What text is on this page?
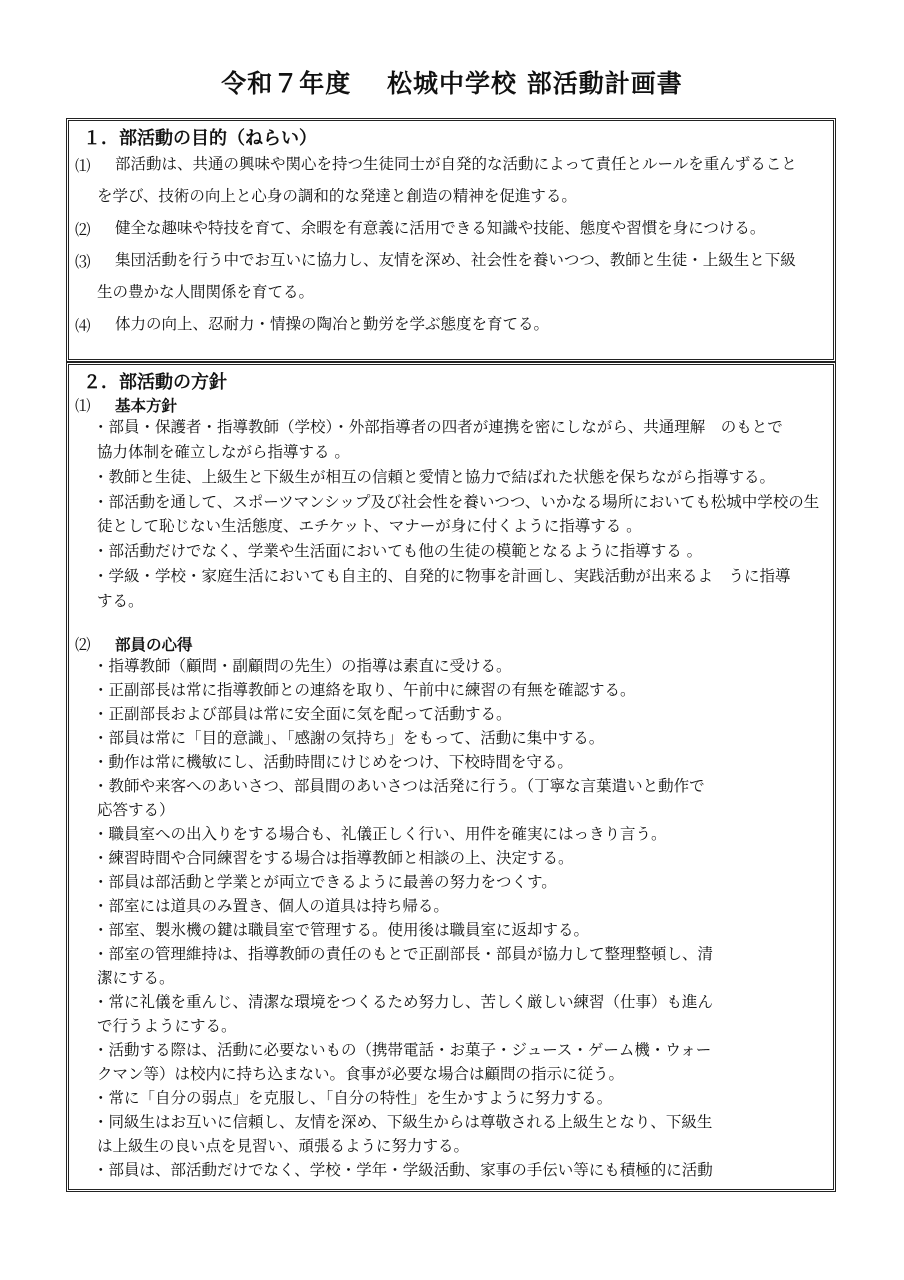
令和７年度　 松城中学校 部活動計画書
１．部活動の目的（ねらい）
⑴ 部活動は、共通の興味や関心を持つ生徒同士が自発的な活動によって責任とルールを重んずること
を学び、技術の向上と心身の調和的な発達と創造の精神を促進する。
⑵ 健全な趣味や特技を育て、余暇を有意義に活用できる知識や技能、態度や習慣を身につける。
⑶ 集団活動を行う中でお互いに協力し、友情を深め、社会性を養いつつ、教師と生徒・上級生と下級
生の豊かな人間関係を育てる。
⑷ 体力の向上、忍耐力・情操の陶冶と勤労を学ぶ態度を育てる。
２．部活動の方針
⑴ 基本方針
・部員・保護者・指導教師（学校）・外部指導者の四者が連携を密にしながら、共通理解　のもとで
協力体制を確立しながら指導する 。
・教師と生徒、上級生と下級生が相互の信頼と愛情と協力で結ばれた状態を保ちながら指導する。
・部活動を通して、スポーツマンシップ及び社会性を養いつつ、いかなる場所においても松城中学校の生
徒として恥じない生活態度、エチケット、マナーが身に付くように指導する 。
・部活動だけでなく、学業や生活面においても他の生徒の模範となるように指導する 。
・学級・学校・家庭生活においても自主的、自発的に物事を計画し、実践活動が出来るよ　うに指導
する。
⑵ 部員の心得
・指導教師（顧問・副顧問の先生）の指導は素直に受ける。
・正副部長は常に指導教師との連絡を取り、午前中に練習の有無を確認する。
・正副部長および部員は常に安全面に気を配って活動する。
・部員は常に「目的意識」、「感謝の気持ち」をもって、活動に集中する。
・動作は常に機敏にし、活動時間にけじめをつけ、下校時間を守る。
・教師や来客へのあいさつ、部員間のあいさつは活発に行う。（丁寧な言葉遣いと動作で
応答する）
・職員室への出入りをする場合も、礼儀正しく行い、用件を確実にはっきり言う。
・練習時間や合同練習をする場合は指導教師と相談の上、決定する。
・部員は部活動と学業とが両立できるように最善の努力をつくす。
・部室には道具のみ置き、個人の道具は持ち帰る。
・部室、製氷機の鍵は職員室で管理する。使用後は職員室に返却する。
・部室の管理維持は、指導教師の責任のもとで正副部長・部員が協力して整理整頓し、清
潔にする。
・常に礼儀を重んじ、清潔な環境をつくるため努力し、苦しく厳しい練習（仕事）も進ん
で行うようにする。
・活動する際は、活動に必要ないもの（携帯電話・お菓子・ジュース・ゲーム機・ウォー
クマン等）は校内に持ち込まない。食事が必要な場合は顧問の指示に従う。
・常に「自分の弱点」を克服し、「自分の特性」を生かすように努力する。
・同級生はお互いに信頼し、友情を深め、下級生からは尊敬される上級生となり、下級生
は上級生の良い点を見習い、頑張るように努力する。
・部員は、部活動だけでなく、学校・学年・学級活動、家事の手伝い等にも積極的に活動
